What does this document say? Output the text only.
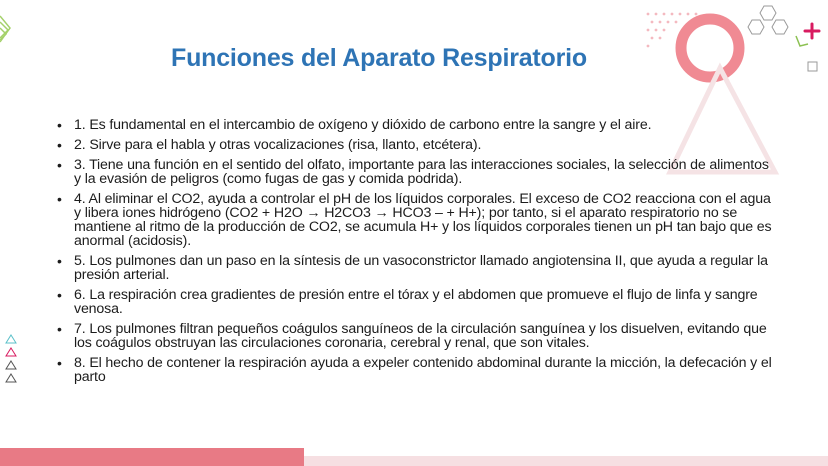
Funciones del Aparato Respiratorio
• 1. Es fundamental en el intercambio de oxígeno y dióxido de carbono entre la sangre y el aire.
• 2. Sirve para el habla y otras vocalizaciones (risa, llanto, etcétera).
• 3. Tiene una función en el sentido del olfato, importante para las interacciones sociales, la selección de alimentos y la evasión de peligros (como fugas de gas y comida podrida).
• 4. Al eliminar el CO2, ayuda a controlar el pH de los líquidos corporales. El exceso de CO2 reacciona con el agua y libera iones hidrógeno (CO2 + H2O → H2CO3 → HCO3 – + H+); por tanto, si el aparato respiratorio no se mantiene al ritmo de la producción de CO2, se acumula H+ y los líquidos corporales tienen un pH tan bajo que es anormal (acidosis).
• 5. Los pulmones dan un paso en la síntesis de un vasoconstrictor llamado angiotensina II, que ayuda a regular la presión arterial.
• 6. La respiración crea gradientes de presión entre el tórax y el abdomen que promueve el flujo de linfa y sangre venosa.
• 7. Los pulmones filtran pequeños coágulos sanguíneos de la circulación sanguínea y los disuelven, evitando que los coágulos obstruyan las circulaciones coronaria, cerebral y renal, que son vitales.
• 8. El hecho de contener la respiración ayuda a expeler contenido abdominal durante la micción, la defecación y el parto
